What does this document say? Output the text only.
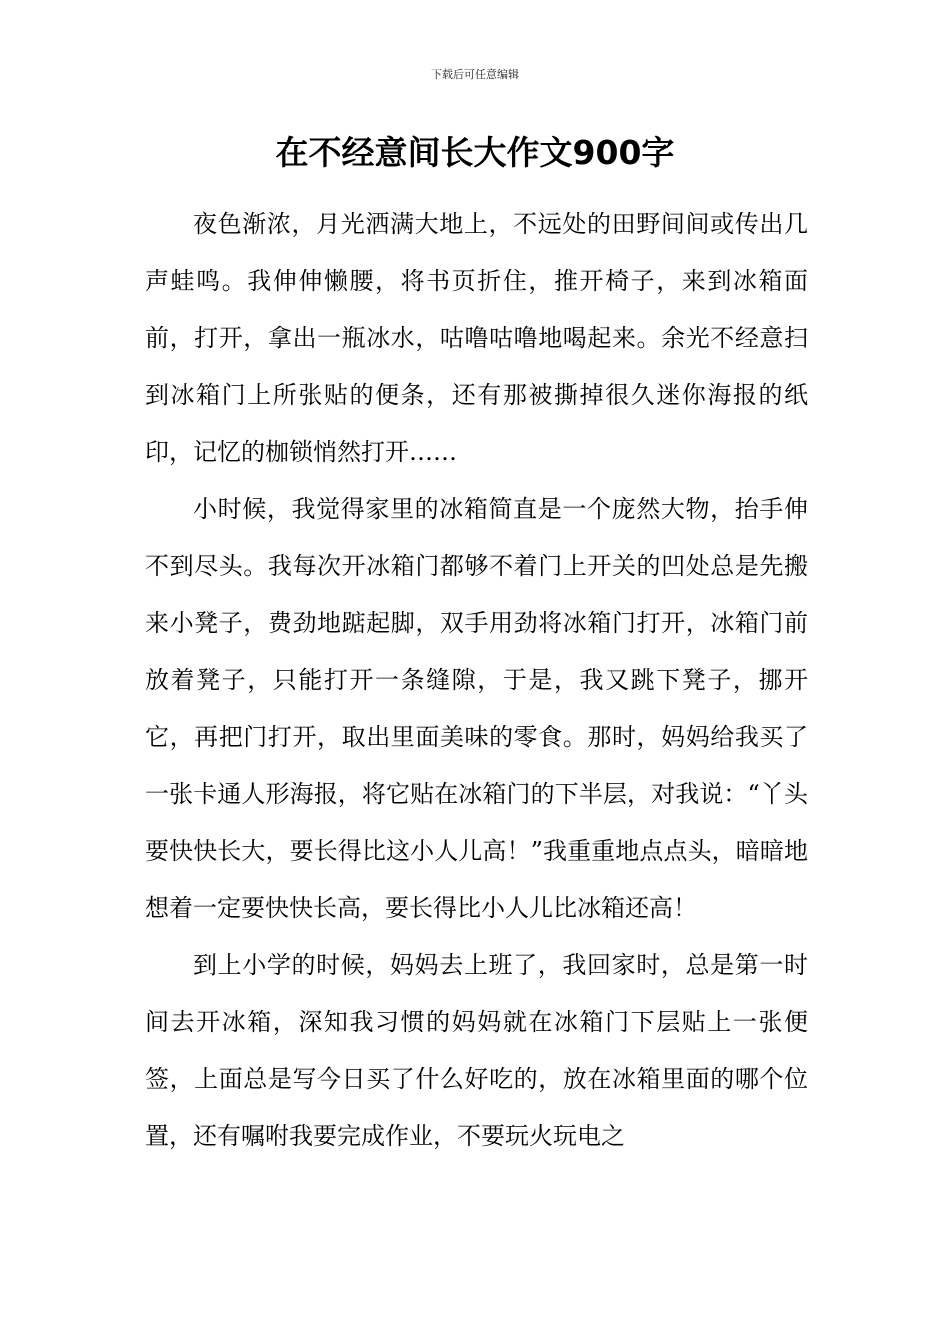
下载后可任意编辑
在不经意间长大作文900字

夜色渐浓，月光洒满大地上，不远处的田野间间或传出几声蛙鸣。我伸伸懒腰，将书页折住，推开椅子，来到冰箱面前，打开，拿出一瓶冰水，咕噜咕噜地喝起来。余光不经意扫到冰箱门上所张贴的便条，还有那被撕掉很久迷你海报的纸印，记忆的枷锁悄然打开……

小时候，我觉得家里的冰箱简直是一个庞然大物，抬手伸不到尽头。我每次开冰箱门都够不着门上开关的凹处总是先搬来小凳子，费劲地踮起脚，双手用劲将冰箱门打开，冰箱门前放着凳子，只能打开一条缝隙，于是，我又跳下凳子，挪开它，再把门打开，取出里面美味的零食。那时，妈妈给我买了一张卡通人形海报，将它贴在冰箱门的下半层，对我说：“丫头要快快长大，要长得比这小人儿高！”我重重地点点头，暗暗地想着一定要快快长高，要长得比小人儿比冰箱还高！

到上小学的时候，妈妈去上班了，我回家时，总是第一时间去开冰箱，深知我习惯的妈妈就在冰箱门下层贴上一张便签，上面总是写今日买了什么好吃的，放在冰箱里面的哪个位置，还有嘱咐我要完成作业，不要玩火玩电之
